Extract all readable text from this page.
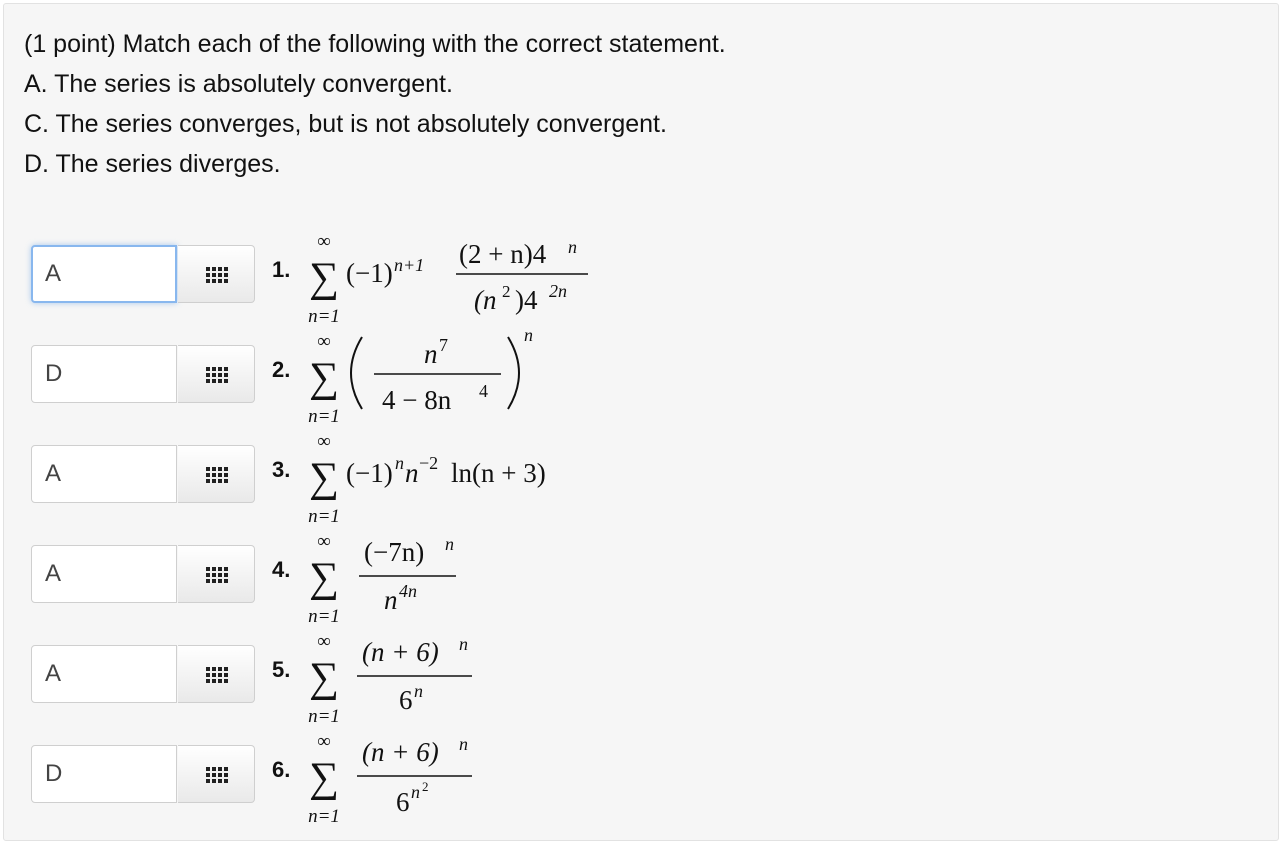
(1 point) Match each of the following with the correct statement.
A. The series is absolutely convergent.
C. The series converges, but is not absolutely convergent.
D. The series diverges.
A
1.
∞
∑
n=1
(−1) n+1 (2 + n)4 n
(n 2 )4 2n
D
2.
∞
∑
n=1
n 7
4 − 8n 4
n
A
3.
∞
∑
n=1
(−1) n n −2 ln(n + 3)
A
4.
∞
∑
n=1
(−7n) n
n 4n
A
5.
∞
∑
n=1
(n + 6) n
6 n
D
6.
∞
∑
n=1
(n + 6) n
6 n 2
